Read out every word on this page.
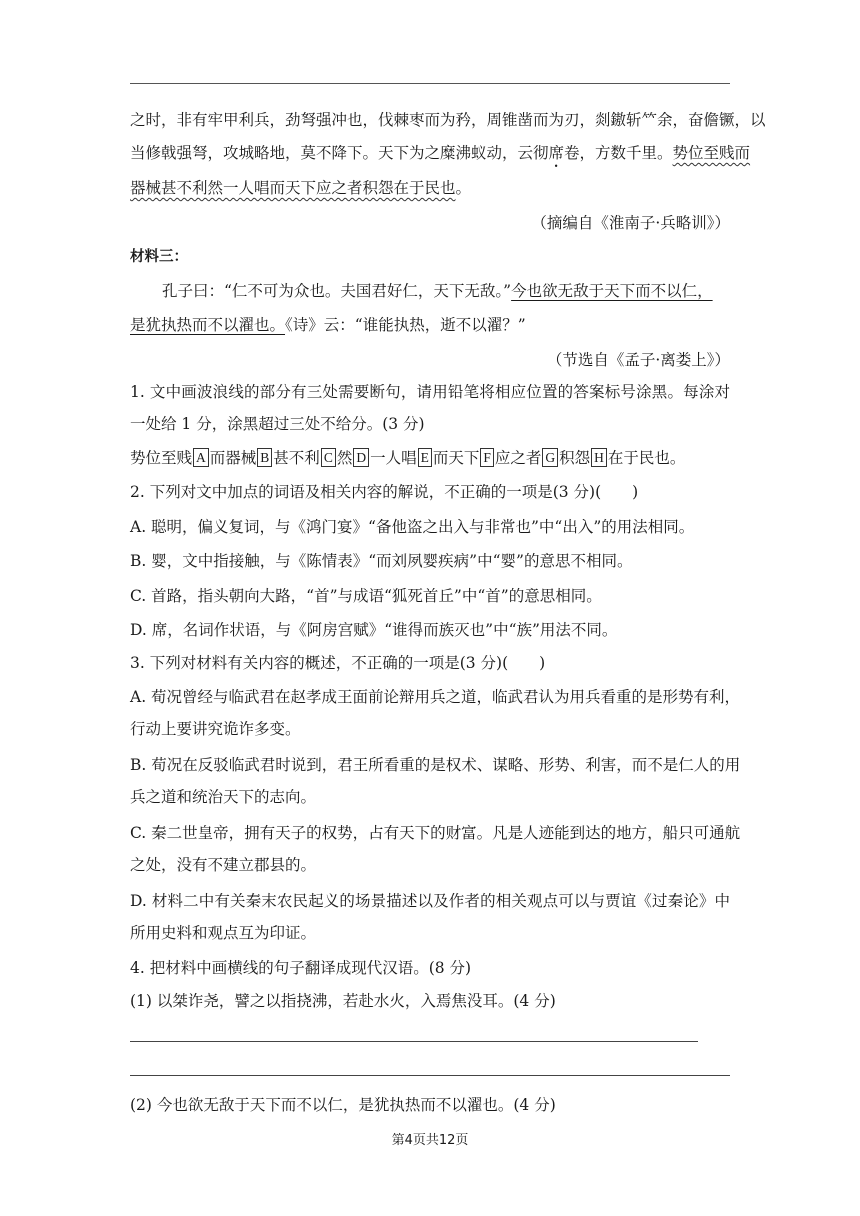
之时，非有牢甲利兵，劲弩强冲也，伐棘枣而为矜，周锥凿而为刃，剡𨫼斩𥫗余，奋儋镢，以
当修戟强弩，攻城略地，莫不降下。天下为之糜沸蚁动，云彻席卷，方数千里。势位至贱而
器械甚不利然一人唱而天下应之者积怨在于民也。
（摘编自《淮南子·兵略训》）
材料三：
孔子曰：“仁不可为众也。夫国君好仁，天下无敌。”今也欲无敌于天下而不以仁，
是犹执热而不以濯也。《诗》云：“谁能执热，逝不以濯？”
（节选自《孟子·离娄上》）
1. 文中画波浪线的部分有三处需要断句，请用铅笔将相应位置的答案标号涂黑。每涂对
一处给 1 分，涂黑超过三处不给分。(3 分)
势位至贱 A 而器械 B 甚不利 C 然 D 一人唱 E 而天下 F 应之者 G 积怨 H 在于民也。
2. 下列对文中加点的词语及相关内容的解说，不正确的一项是(3 分)(　　)
A. 聪明，偏义复词，与《鸿门宴》“备他盗之出入与非常也”中“出入”的用法相同。
B. 婴，文中指接触，与《陈情表》“而刘夙婴疾病”中“婴”的意思不相同。
C. 首路，指头朝向大路，“首”与成语“狐死首丘”中“首”的意思相同。
D. 席，名词作状语，与《阿房宫赋》“谁得而族灭也”中“族”用法不同。
3. 下列对材料有关内容的概述，不正确的一项是(3 分)(　　)
A. 荀况曾经与临武君在赵孝成王面前论辩用兵之道，临武君认为用兵看重的是形势有利，
行动上要讲究诡诈多变。
B. 荀况在反驳临武君时说到，君王所看重的是权术、谋略、形势、利害，而不是仁人的用
兵之道和统治天下的志向。
C. 秦二世皇帝，拥有天子的权势，占有天下的财富。凡是人迹能到达的地方，船只可通航
之处，没有不建立郡县的。
D. 材料二中有关秦末农民起义的场景描述以及作者的相关观点可以与贾谊《过秦论》中
所用史料和观点互为印证。
4. 把材料中画横线的句子翻译成现代汉语。(8 分)
(1) 以桀诈尧，譬之以指挠沸，若赴水火，入焉焦没耳。(4 分)
(2) 今也欲无敌于天下而不以仁，是犹执热而不以濯也。(4 分)
第4页共12页
